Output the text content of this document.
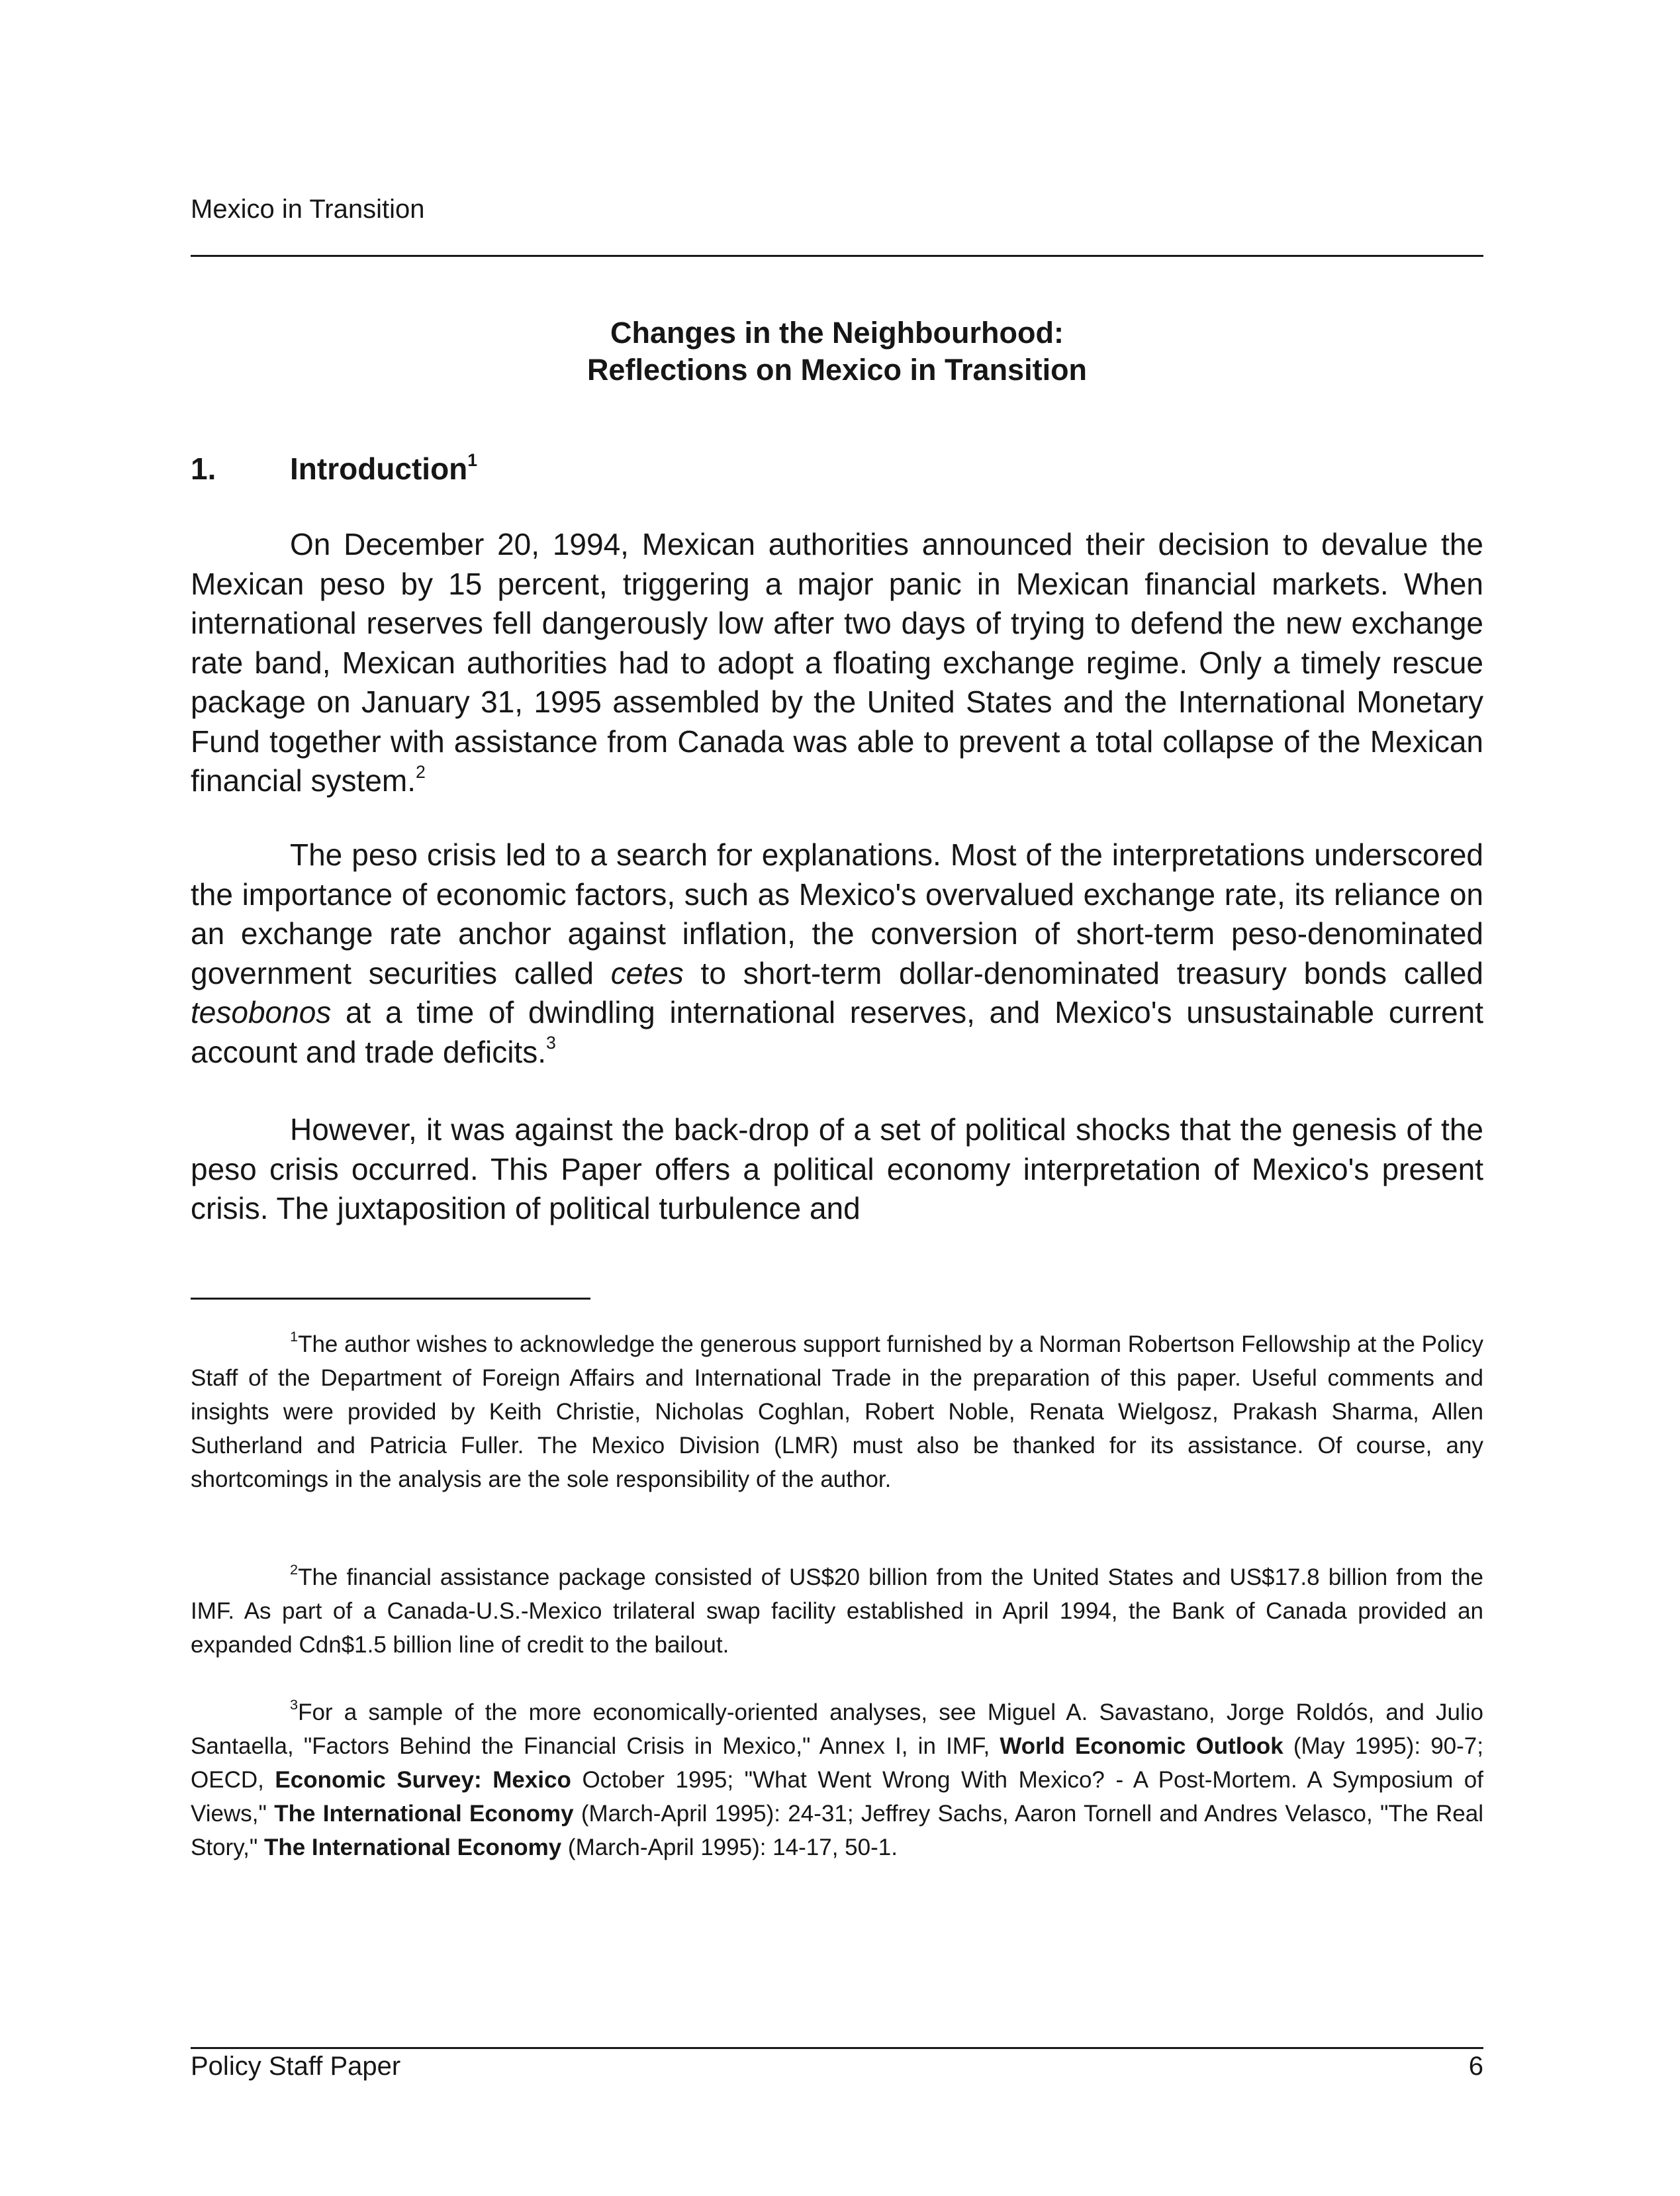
Mexico in Transition
Changes in the Neighbourhood:
Reflections on Mexico in Transition
1. Introduction$^1$

On December 20, 1994, Mexican authorities announced their decision to devalue the Mexican peso by 15 percent, triggering a major panic in Mexican financial markets. When international reserves fell dangerously low after two days of trying to defend the new exchange rate band, Mexican authorities had to adopt a floating exchange regime. Only a timely rescue package on January 31, 1995 assembled by the United States and the International Monetary Fund together with assistance from Canada was able to prevent a total collapse of the Mexican financial system.$^2$

The peso crisis led to a search for explanations. Most of the interpretations underscored the importance of economic factors, such as Mexico's overvalued exchange rate, its reliance on an exchange rate anchor against inflation, the conversion of short-term peso-denominated government securities called cetes to short-term dollar-denominated treasury bonds called tesobonos at a time of dwindling international reserves, and Mexico's unsustainable current account and trade deficits.$^3$

However, it was against the back-drop of a set of political shocks that the genesis of the peso crisis occurred. This Paper offers a political economy interpretation of Mexico's present crisis. The juxtaposition of political turbulence and

$^1$The author wishes to acknowledge the generous support furnished by a Norman Robertson Fellowship at the Policy Staff of the Department of Foreign Affairs and International Trade in the preparation of this paper. Useful comments and insights were provided by Keith Christie, Nicholas Coghlan, Robert Noble, Renata Wielgosz, Prakash Sharma, Allen Sutherland and Patricia Fuller. The Mexico Division (LMR) must also be thanked for its assistance. Of course, any shortcomings in the analysis are the sole responsibility of the author.

$^2$The financial assistance package consisted of US$20 billion from the United States and US$17.8 billion from the IMF. As part of a Canada-U.S.-Mexico trilateral swap facility established in April 1994, the Bank of Canada provided an expanded Cdn$1.5 billion line of credit to the bailout.

$^3$For a sample of the more economically-oriented analyses, see Miguel A. Savastano, Jorge Roldós, and Julio Santaella, "Factors Behind the Financial Crisis in Mexico," Annex I, in IMF, World Economic Outlook (May 1995): 90-7; OECD, Economic Survey: Mexico October 1995; "What Went Wrong With Mexico? - A Post-Mortem. A Symposium of Views," The International Economy (March-April 1995): 24-31; Jeffrey Sachs, Aaron Tornell and Andres Velasco, "The Real Story," The International Economy (March-April 1995): 14-17, 50-1.

Policy Staff Paper	6
